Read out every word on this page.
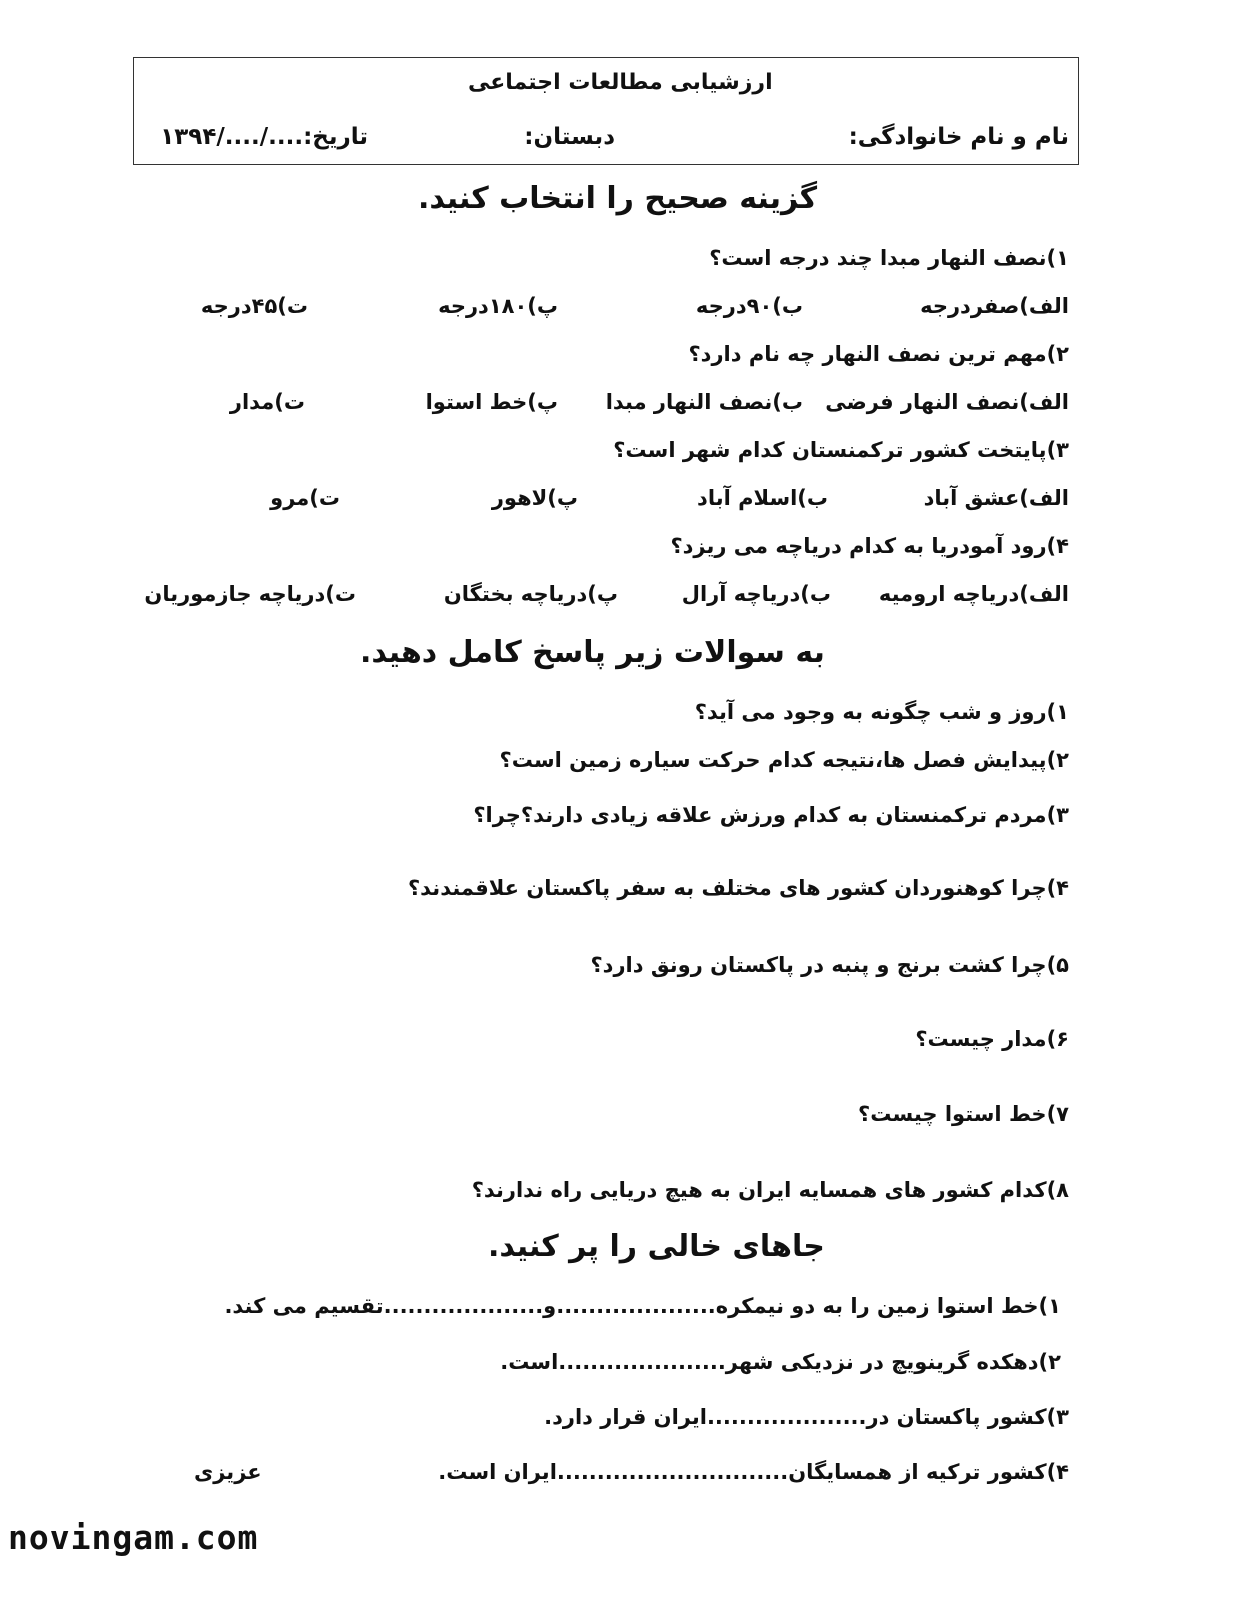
ارزشیابی مطالعات اجتماعی
نام و نام خانوادگی:
دبستان:
تاریخ:..../..../۱۳۹۴
گزینه صحیح را انتخاب کنید.
۱)نصف النهار مبدا چند درجه است؟
الف)صفردرجه
ب)۹۰درجه
پ)۱۸۰درجه
ت)۴۵درجه
۲)مهم ترین نصف النهار چه نام دارد؟
الف)نصف النهار فرضی
ب)نصف النهار مبدا
پ)خط استوا
ت)مدار
۳)پایتخت کشور ترکمنستان کدام شهر است؟
الف)عشق آباد
ب)اسلام آباد
پ)لاهور
ت)مرو
۴)رود آمودریا به کدام دریاچه می ریزد؟
الف)دریاچه ارومیه
ب)دریاچه آرال
پ)دریاچه بختگان
ت)دریاچه جازموریان
به سوالات زیر پاسخ کامل دهید.
۱)روز و شب چگونه به وجود می آید؟
۲)پیدایش فصل ها،نتیجه کدام حرکت سیاره زمین است؟
۳)مردم ترکمنستان به کدام ورزش علاقه زیادی دارند؟چرا؟
۴)چرا کوهنوردان کشور های مختلف به سفر پاکستان علاقمندند؟
۵)چرا کشت برنج و پنبه در پاکستان رونق دارد؟
۶)مدار چیست؟
۷)خط استوا چیست؟
۸)کدام کشور های همسایه ایران به هیچ دریایی راه ندارند؟
جاهای خالی را پر کنید.
۱)خط استوا زمین را به دو نیمکره....................و....................تقسیم می کند.
۲)دهکده گرینویچ در نزدیکی شهر.....................است.
۳)کشور پاکستان در....................ایران قرار دارد.
۴)کشور ترکیه از همسایگان.............................ایران است.
عزیزی
novingam.com
